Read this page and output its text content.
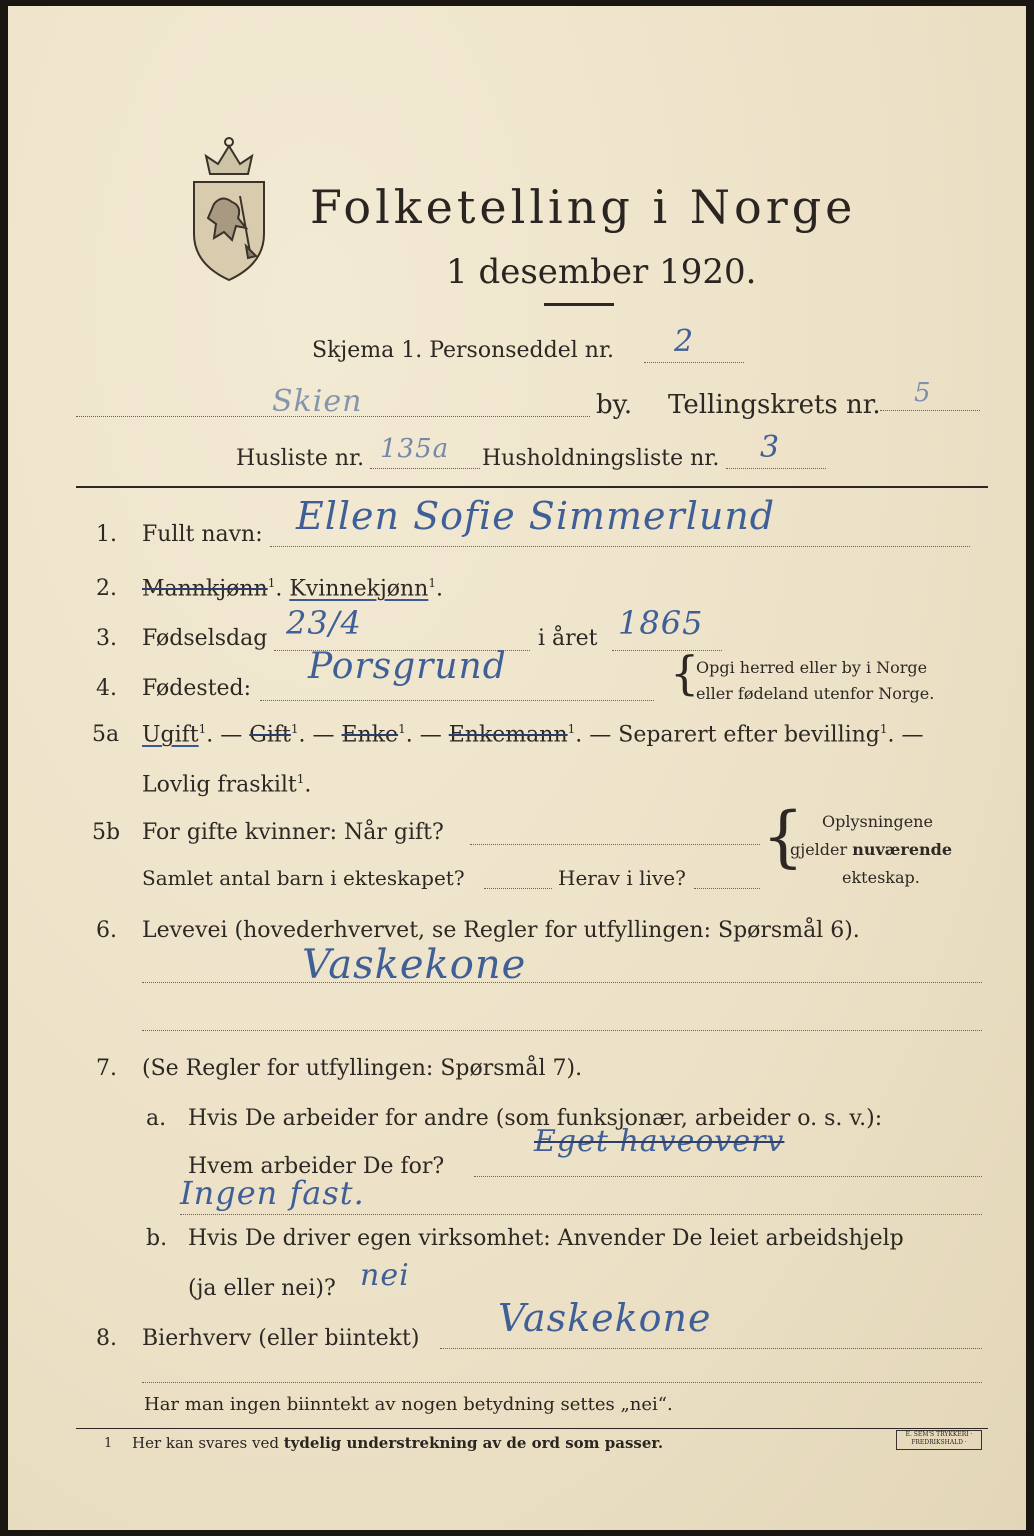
Folketelling i Norge
1 desember 1920.
Skjema 1. Personseddel nr. 2
Skien	by. Tellingskrets nr. 5
Husliste nr. 135a Husholdningsliste nr. 3
1. Fullt navn: Ellen Sofie Simmerlund
2. Mannkjønn$^1$. Kvinnekjønn$^1$.
3. Fødselsdag 23/4	i året 1865
4. Fødested:
Porsgrund	{
Opgi herred eller by i Norge
eller fødeland utenfor Norge.
5a Ugift$^1$. — Gift$^1$. — Enke$^1$. — Enkemann$^1$. — Separert efter bevilling$^1$. —
Lovlig fraskilt$^1$.
5b For gifte kvinner: Når gift?
Samlet antal barn i ekteskapet?	Herav i live?
{ Oplysningene
gjelder nuværende
ekteskap.
6. Levevei (hovederhvervet, se Regler for utfyllingen: Spørsmål 6).
Vaskekone
7. (Se Regler for utfyllingen: Spørsmål 7).
a. Hvis De arbeider for andre (som funksjonær, arbeider o. s. v.):
Hvem arbeider De for?
Eget haveoverv
Ingen fast.
b. Hvis De driver egen virksomhet: Anvender De leiet arbeidshjelp
(ja eller nei)? nei
8. Bierhverv (eller biintekt) Vaskekone
Har man ingen biinntekt av nogen betydning settes „nei“.
1 Her kan svares ved tydelig understrekning av de ord som passer.	E. SEM'S TRYKKERI · FREDRIKSHALD ·
